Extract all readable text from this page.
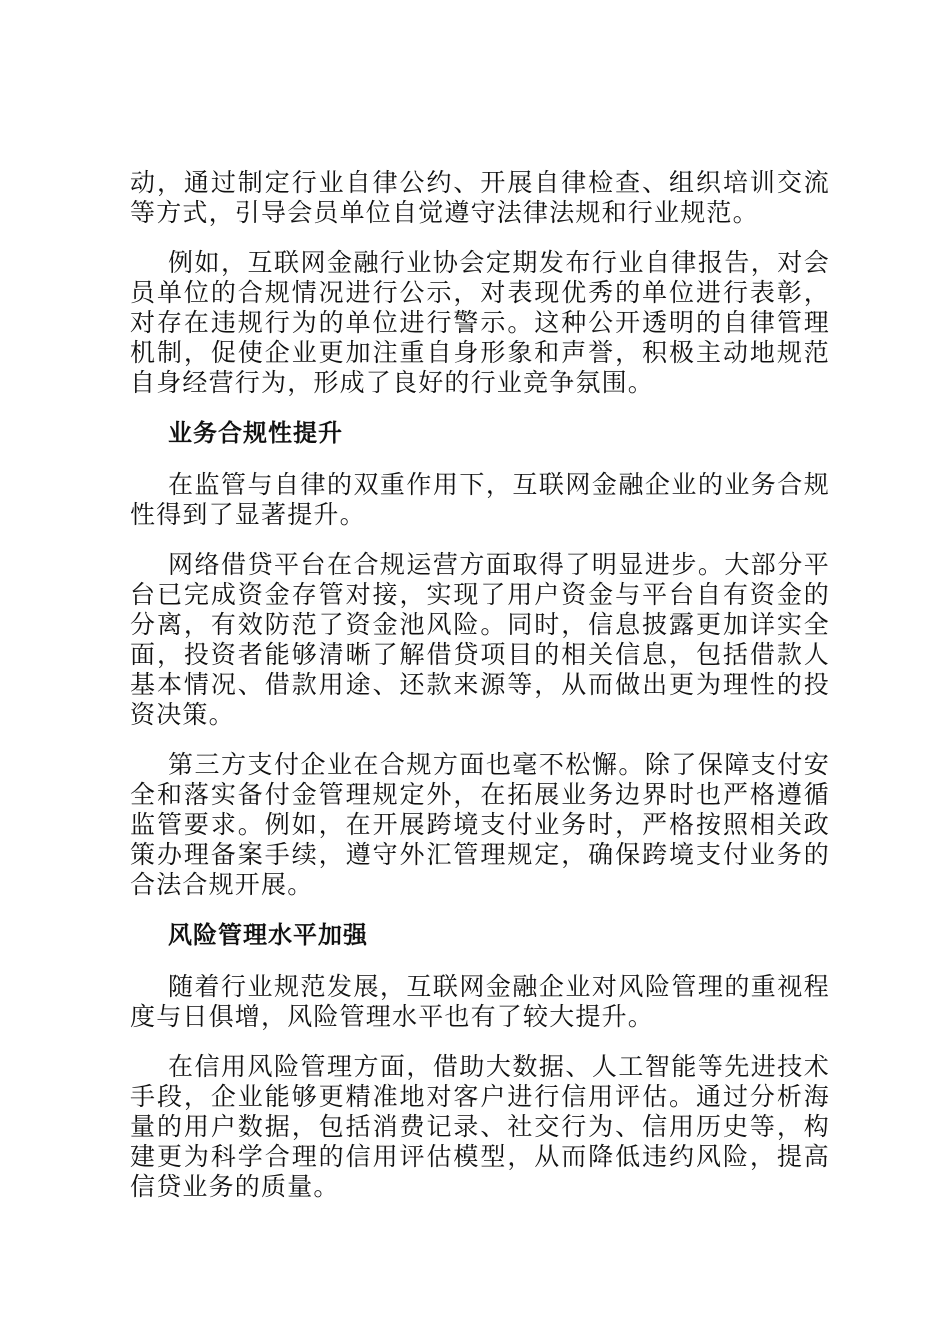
动，通过制定行业自律公约、开展自律检查、组织培训交流等方式，引导会员单位自觉遵守法律法规和行业规范。

例如，互联网金融行业协会定期发布行业自律报告，对会员单位的合规情况进行公示，对表现优秀的单位进行表彰，对存在违规行为的单位进行警示。这种公开透明的自律管理机制，促使企业更加注重自身形象和声誉，积极主动地规范自身经营行为，形成了良好的行业竞争氛围。

业务合规性提升

在监管与自律的双重作用下，互联网金融企业的业务合规性得到了显著提升。

网络借贷平台在合规运营方面取得了明显进步。大部分平台已完成资金存管对接，实现了用户资金与平台自有资金的分离，有效防范了资金池风险。同时，信息披露更加详实全面，投资者能够清晰了解借贷项目的相关信息，包括借款人基本情况、借款用途、还款来源等，从而做出更为理性的投资决策。

第三方支付企业在合规方面也毫不松懈。除了保障支付安全和落实备付金管理规定外，在拓展业务边界时也严格遵循监管要求。例如，在开展跨境支付业务时，严格按照相关政策办理备案手续，遵守外汇管理规定，确保跨境支付业务的合法合规开展。

风险管理水平加强

随着行业规范发展，互联网金融企业对风险管理的重视程度与日俱增，风险管理水平也有了较大提升。

在信用风险管理方面，借助大数据、人工智能等先进技术手段，企业能够更精准地对客户进行信用评估。通过分析海量的用户数据，包括消费记录、社交行为、信用历史等，构建更为科学合理的信用评估模型，从而降低违约风险，提高信贷业务的质量。
